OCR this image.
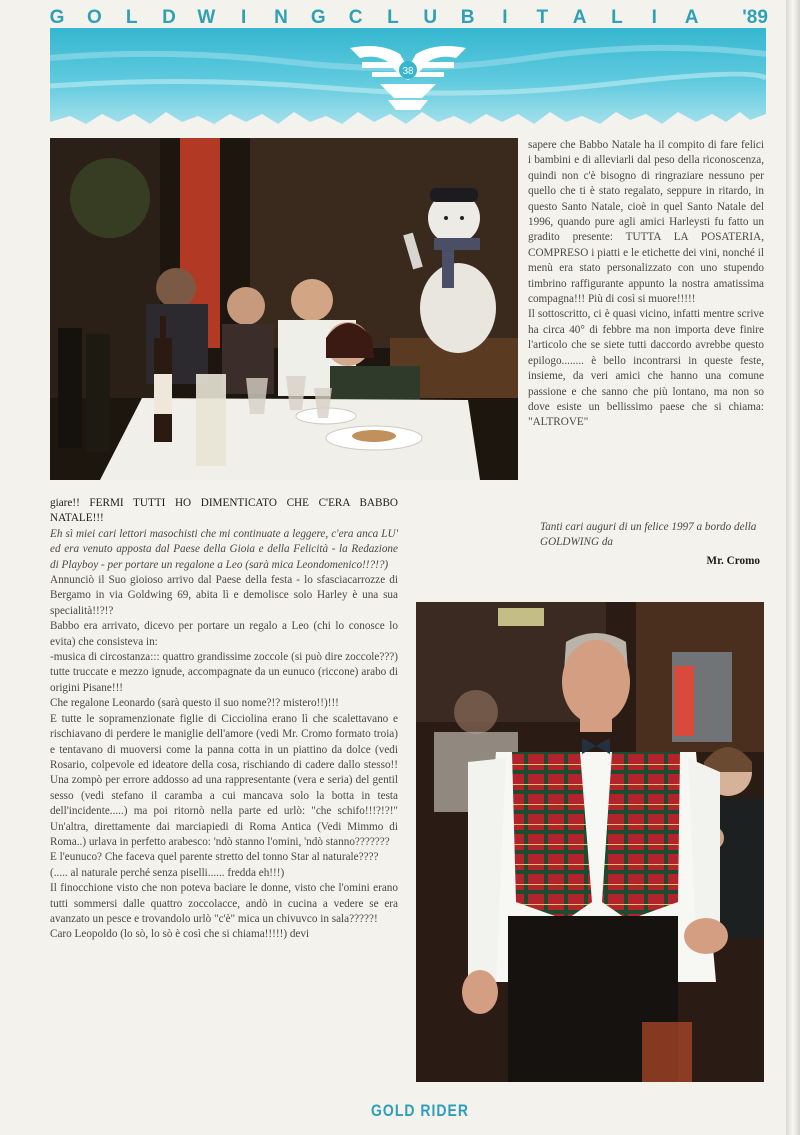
G O L D W	I	N G C L U B	I	T A L	I	A	'89
38

sapere che Babbo Natale ha il compito di fare felici i bambini e di alleviarli dal peso della riconoscenza, quindi non c'è bisogno di ringraziare nessuno per quello che ti è stato regalato, seppure in ritardo, in questo Santo Natale, cioè in quel Santo Natale del 1996, quando pure agli amici Harleysti fu fatto un gradito presente: TUTTA LA POSATERIA, COMPRESO i piatti e le etichette dei vini, nonché il menù era stato personalizzato con uno stupendo timbrino raffigurante appunto la nostra amatissima compagna!!! Più di così si muore!!!!!

Il sottoscritto, ci è quasi vicino, infatti mentre scrive ha circa 40° di febbre ma non importa deve finire l'articolo che se siete tutti daccordo avrebbe questo epilogo........ è bello incontrarsi in queste feste, insieme, da veri amici che hanno una comune passione e che sanno che più lontano, ma non so dove esiste un bellissimo paese che si chiama: "ALTROVE"

Tanti cari auguri di un felice 1997 a bordo della GOLDWING da
Mr. Cromo

giare!! FERMI TUTTI HO DIMENTICATO CHE C'ERA BABBO NATALE!!!

Eh sì miei cari lettori masochisti che mi continuate a leggere, c'era anca LU' ed era venuto apposta dal Paese della Gioia e della Felicità - la Redazione di Playboy - per portare un regalone a Leo (sarà mica Leondomenico!!?!?)

Annunciò il Suo gioioso arrivo dal Paese della festa - lo sfasciacarrozze di Bergamo in via Goldwing 69, abita lì e demolisce solo Harley è una sua specialità!!?!?

Babbo era arrivato, dicevo per portare un regalo a Leo (chi lo conosce lo evita) che consisteva in:

-musica di circostanza::: quattro grandissime zoccole (si può dire zoccole???) tutte truccate e mezzo ignude, accompagnate da un eunuco (riccone) arabo di origini Pisane!!!

Che regalone Leonardo (sarà questo il suo nome?!? mistero!!)!!!

E tutte le sopramenzionate figlie di Cicciolina erano lì che scalettavano e rischiavano di perdere le maniglie dell'amore (vedi Mr. Cromo formato troia) e tentavano di muoversi come la panna cotta in un piattino da dolce (vedi Rosario, colpevole ed ideatore della cosa, rischiando di cadere dallo stesso!! Una zompò per errore addosso ad una rappresentante (vera e seria) del gentil sesso (vedi stefano il caramba a cui mancava solo la botta in testa dell'incidente.....) ma poi ritornò nella parte ed urlò: "che schifo!!!?!?!" Un'altra, direttamente dai marciapiedi di Roma Antica (Vedi Mimmo di Roma..) urlava in perfetto arabesco: 'ndò stanno l'omini, 'ndò stanno???????

E l'eunuco? Che faceva quel parente stretto del tonno Star al naturale????

(..... al naturale perché senza piselli...... fredda eh!!!)

Il finocchione visto che non poteva baciare le donne, visto che l'omini erano tutti sommersi dalle quattro zoccolacce, andò in cucina a vedere se era avanzato un pesce e trovandolo urlò "c'è" mica un chivuvco in sala?????!

Caro Leopoldo (lo sò, lo sò è così che si chiama!!!!!) devi

GOLD RIDER
